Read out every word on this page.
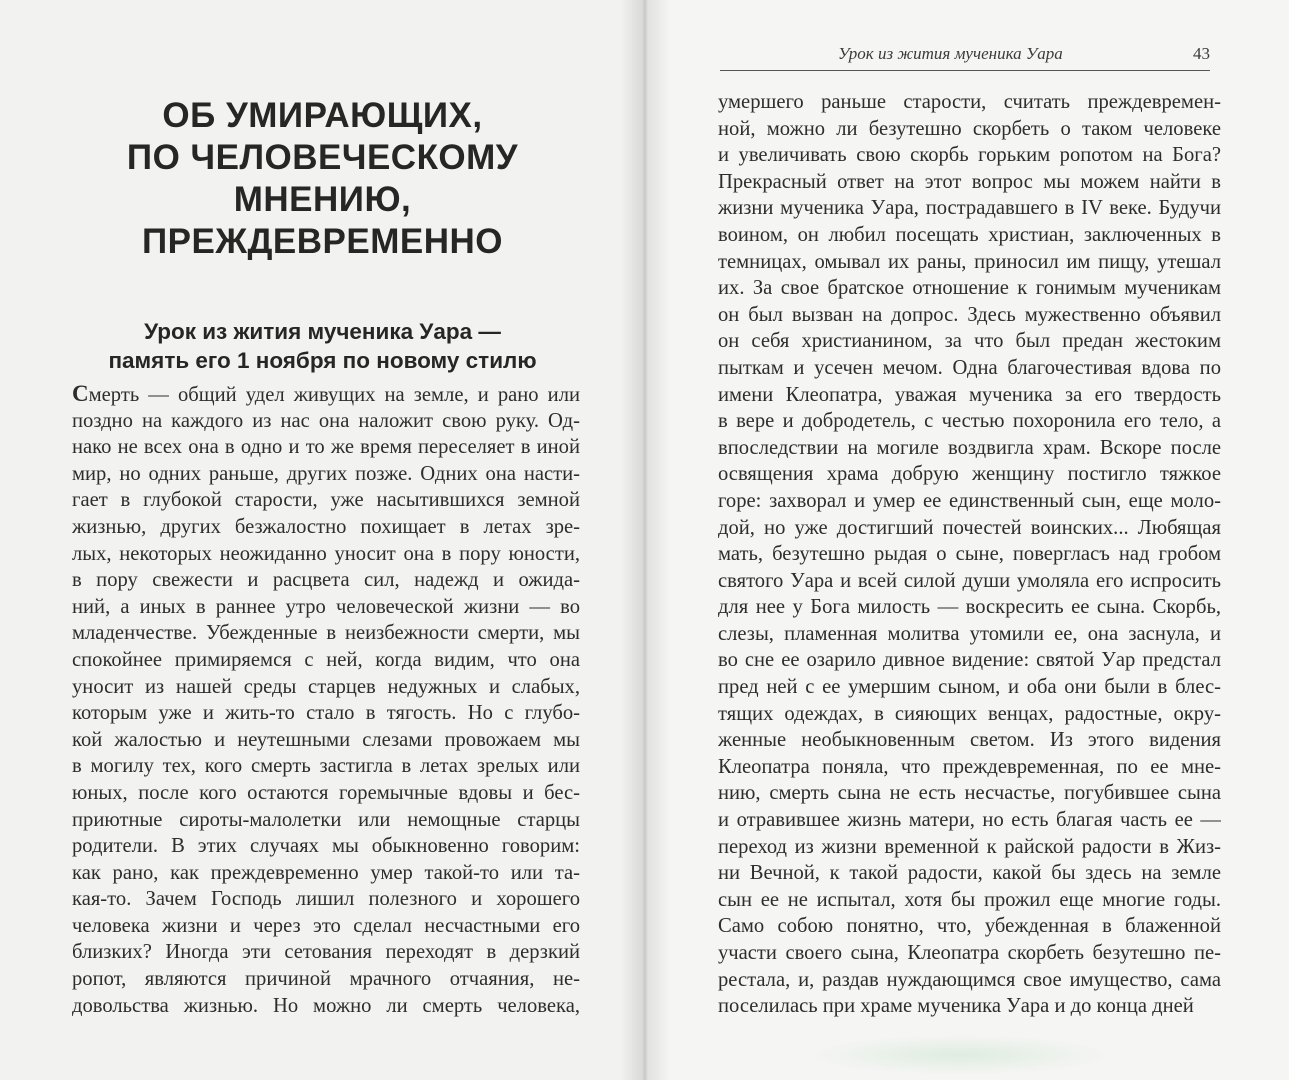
ОБ УМИРАЮЩИХ,
ПО ЧЕЛОВЕЧЕСКОМУ
МНЕНИЮ,
ПРЕЖДЕВРЕМЕННО
Урок из жития мученика Уара —
память его 1 ноября по новому стилю
Смерть — общий удел живущих на земле, и рано или
поздно на каждого из нас она наложит свою руку. Од-
нако не всех она в одно и то же время переселяет в иной
мир, но одних раньше, других позже. Одних она насти-
гает в глубокой старости, уже насытившихся земной
жизнью, других безжалостно похищает в летах зре-
лых, некоторых неожиданно уносит она в пору юности,
в пору свежести и расцвета сил, надежд и ожида-
ний, а иных в раннее утро человеческой жизни — во
младенчестве. Убежденные в неизбежности смерти, мы
спокойнее примиряемся с ней, когда видим, что она
уносит из нашей среды старцев недужных и слабых,
которым уже и жить-то стало в тягость. Но с глубо-
кой жалостью и неутешными слезами провожаем мы
в могилу тех, кого смерть застигла в летах зрелых или
юных, после кого остаются горемычные вдовы и бес-
приютные сироты-малолетки или немощные старцы
родители. В этих случаях мы обыкновенно говорим:
как рано, как преждевременно умер такой-то или та-
кая-то. Зачем Господь лишил полезного и хорошего
человека жизни и через это сделал несчастными его
близких? Иногда эти сетования переходят в дерзкий
ропот, являются причиной мрачного отчаяния, не-
довольства жизнью. Но можно ли смерть человека,
Урок из жития мученика Уара	43
умершего раньше старости, считать преждевремен-
ной, можно ли безутешно скорбеть о таком человеке
и увеличивать свою скорбь горьким ропотом на Бога?
Прекрасный ответ на этот вопрос мы можем найти в
жизни мученика Уара, пострадавшего в IV веке. Будучи
воином, он любил посещать христиан, заключенных в
темницах, омывал их раны, приносил им пищу, утешал
их. За свое братское отношение к гонимым мученикам
он был вызван на допрос. Здесь мужественно объявил
он себя христианином, за что был предан жестоким
пыткам и усечен мечом. Одна благочестивая вдова по
имени Клеопатра, уважая мученика за его твердость
в вере и добродетель, с честью похоронила его тело, а
впоследствии на могиле воздвигла храм. Вскоре после
освящения храма добрую женщину постигло тяжкое
горе: захворал и умер ее единственный сын, еще моло-
дой, но уже достигший почестей воинских... Любящая
мать, безутешно рыдая о сыне, повергласъ над гробом
святого Уара и всей силой души умоляла его испросить
для нее у Бога милость — воскресить ее сына. Скорбь,
слезы, пламенная молитва утомили ее, она заснула, и
во сне ее озарило дивное видение: святой Уар предстал
пред ней с ее умершим сыном, и оба они были в блес-
тящих одеждах, в сияющих венцах, радостные, окру-
женные необыкновенным светом. Из этого видения
Клеопатра поняла, что преждевременная, по ее мне-
нию, смерть сына не есть несчастье, погубившее сына
и отравившее жизнь матери, но есть благая часть ее —
переход из жизни временной к райской радости в Жиз-
ни Вечной, к такой радости, какой бы здесь на земле
сын ее не испытал, хотя бы прожил еще многие годы.
Само собою понятно, что, убежденная в блаженной
участи своего сына, Клеопатра скорбеть безутешно пе-
рестала, и, раздав нуждающимся свое имущество, сама
поселилась при храме мученика Уара и до конца дней
